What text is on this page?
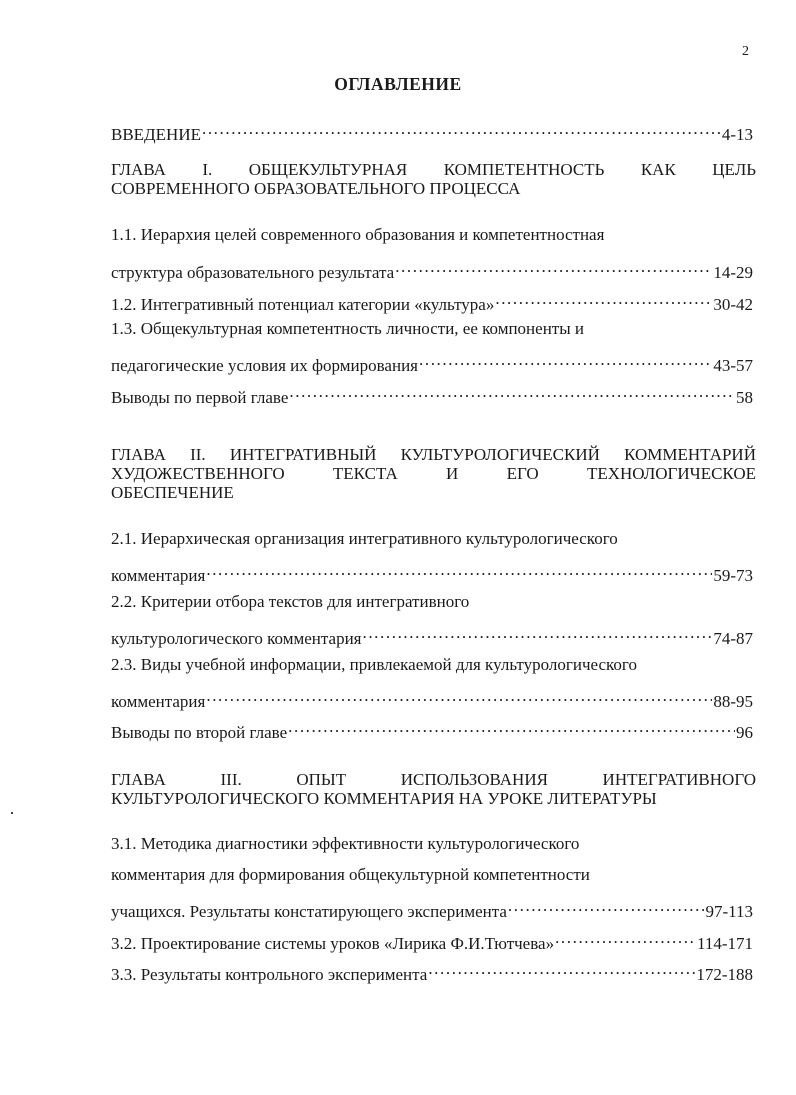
2
ОГЛАВЛЕНИЕ
ВВЕДЕНИЕ .....	4-13
ГЛАВА I. ОБЩЕКУЛЬТУРНАЯ КОМПЕТЕНТНОСТЬ КАК ЦЕЛЬ
СОВРЕМЕННОГО ОБРАЗОВАТЕЛЬНОГО ПРОЦЕССА
1.1. Иерархия целей современного образования и компетентностная
структура образовательного результата .....	14-29
1.2. Интегративный потенциал категории «культура» .....	30-42
1.3. Общекультурная компетентность личности, ее компоненты и
педагогические условия их формирования .....	43-57
Выводы по первой главе .....	58
ГЛАВА II. ИНТЕГРАТИВНЫЙ КУЛЬТУРОЛОГИЧЕСКИЙ КОММЕНТАРИЙ
ХУДОЖЕСТВЕННОГО ТЕКСТА И ЕГО ТЕХНОЛОГИЧЕСКОЕ
ОБЕСПЕЧЕНИЕ
2.1. Иерархическая организация интегративного культурологического
комментария .....	59-73
2.2. Критерии отбора текстов для интегративного
культурологического комментария .....	74-87
2.3. Виды учебной информации, привлекаемой для культурологического
комментария .....	88-95
Выводы по второй главе .....	96
ГЛАВА III. ОПЫТ ИСПОЛЬЗОВАНИЯ ИНТЕГРАТИВНОГО
КУЛЬТУРОЛОГИЧЕСКОГО КОММЕНТАРИЯ НА УРОКЕ ЛИТЕРАТУРЫ
3.1. Методика диагностики эффективности культурологического
комментария для формирования общекультурной компетентности
учащихся. Результаты констатирующего эксперимента .....	97-113
3.2. Проектирование системы уроков «Лирика Ф.И.Тютчева» .....	114-171
3.3. Результаты контрольного эксперимента .....	172-188
